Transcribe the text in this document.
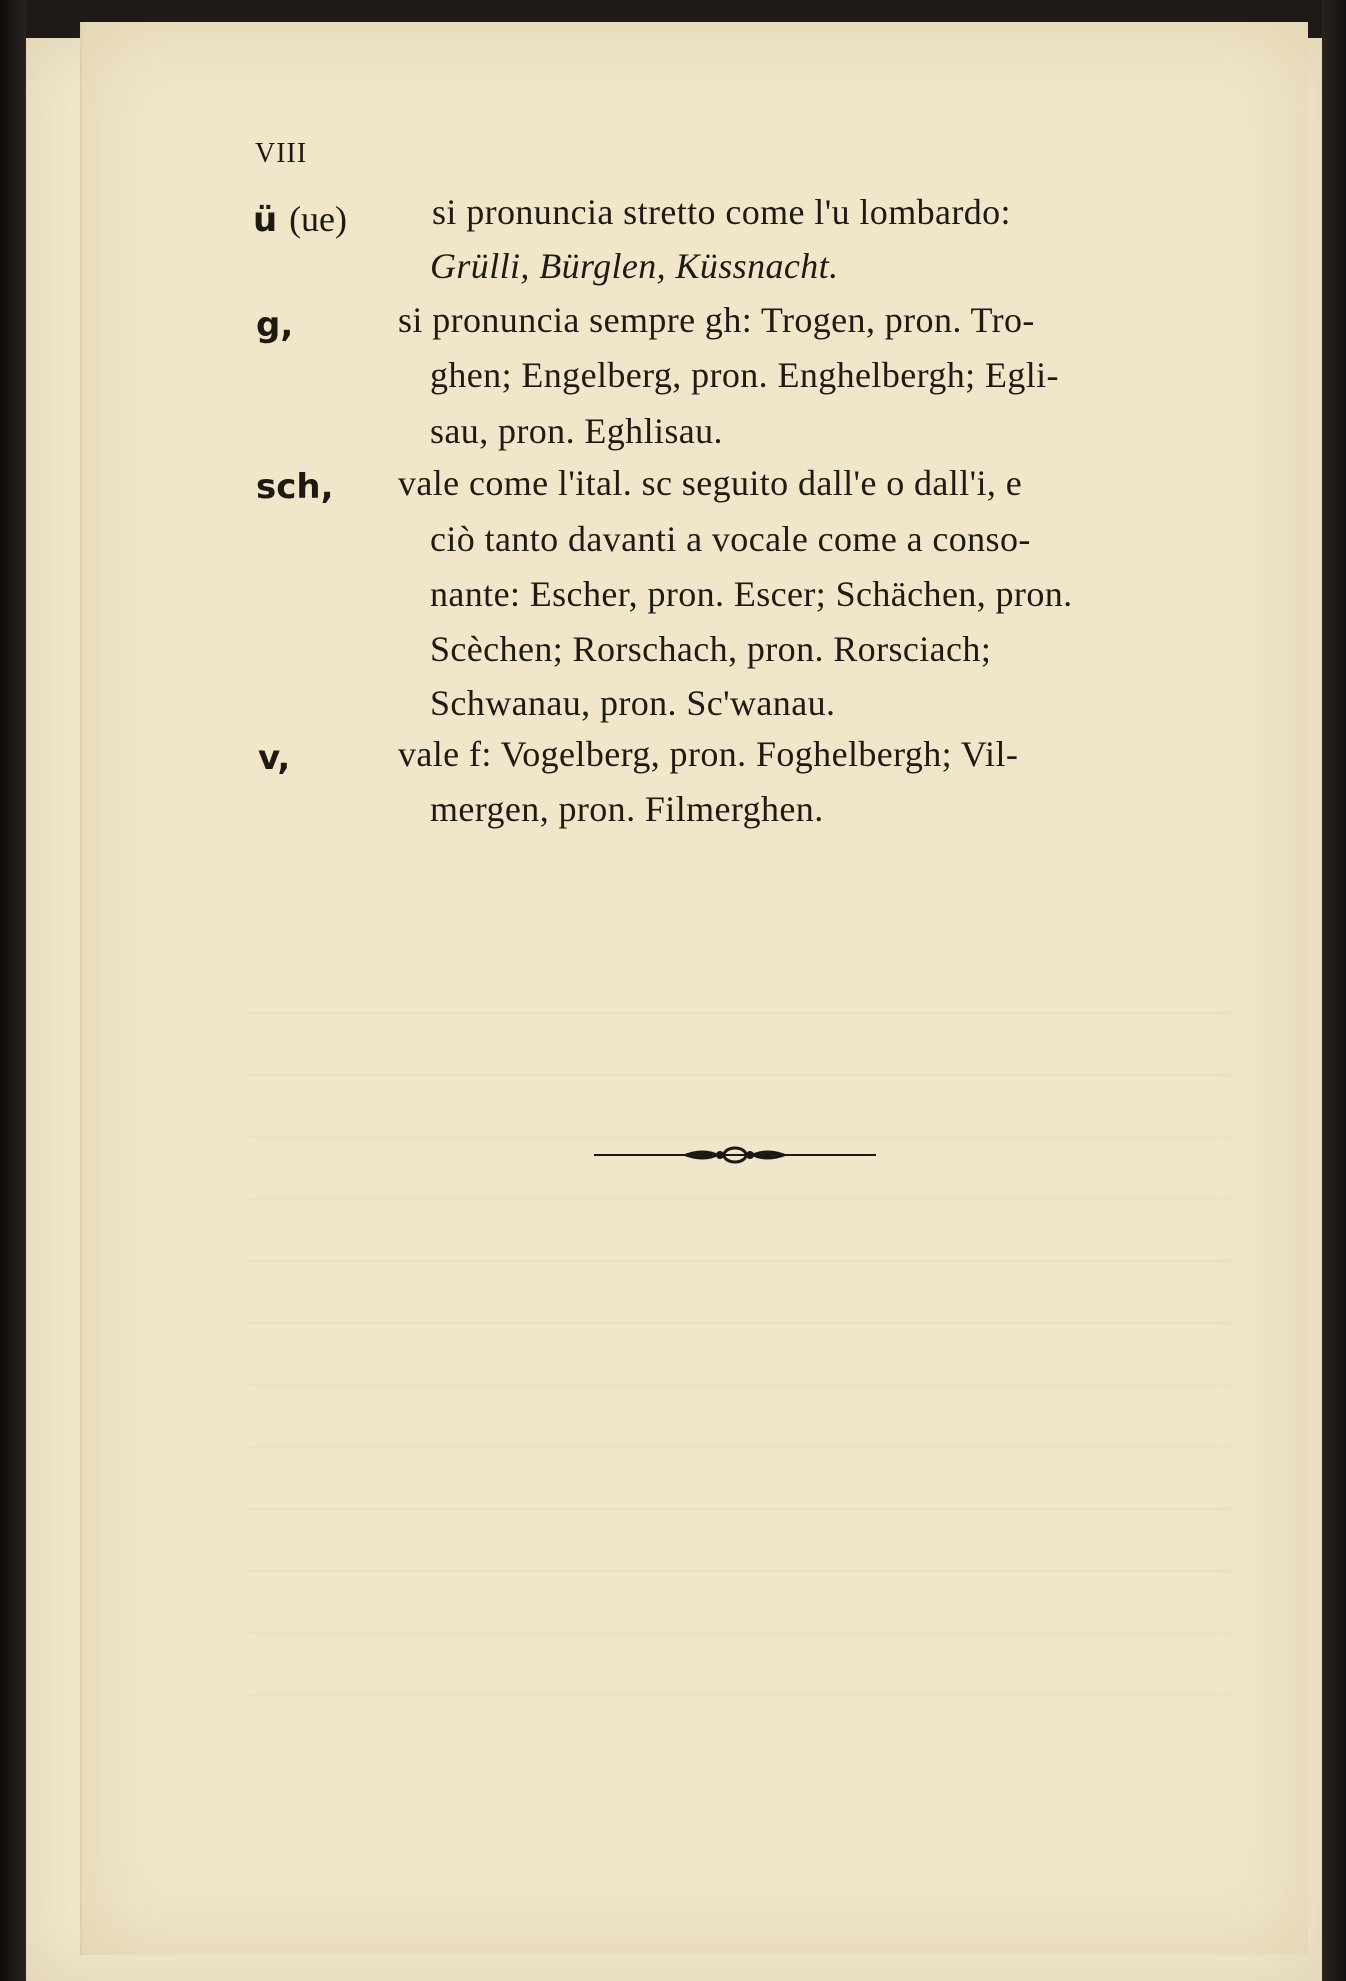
VIII
ü (ue) si pronuncia stretto come l'u lombardo:
Grülli, Bürglen, Küssnacht.
g,	si pronuncia sempre gh: Trogen, pron. Tro-
ghen; Engelberg, pron. Enghelbergh; Egli-
sau, pron. Eghlisau.
sch, vale come l'ital. sc seguito dall'e o dall'i, e
ciò tanto davanti a vocale come a conso-
nante: Escher, pron. Escer; Schächen, pron.
Scèchen; Rorschach, pron. Rorsciach;
Schwanau, pron. Sc'wanau.
v,	vale f: Vogelberg, pron. Foghelbergh; Vil-
mergen, pron. Filmerghen.
